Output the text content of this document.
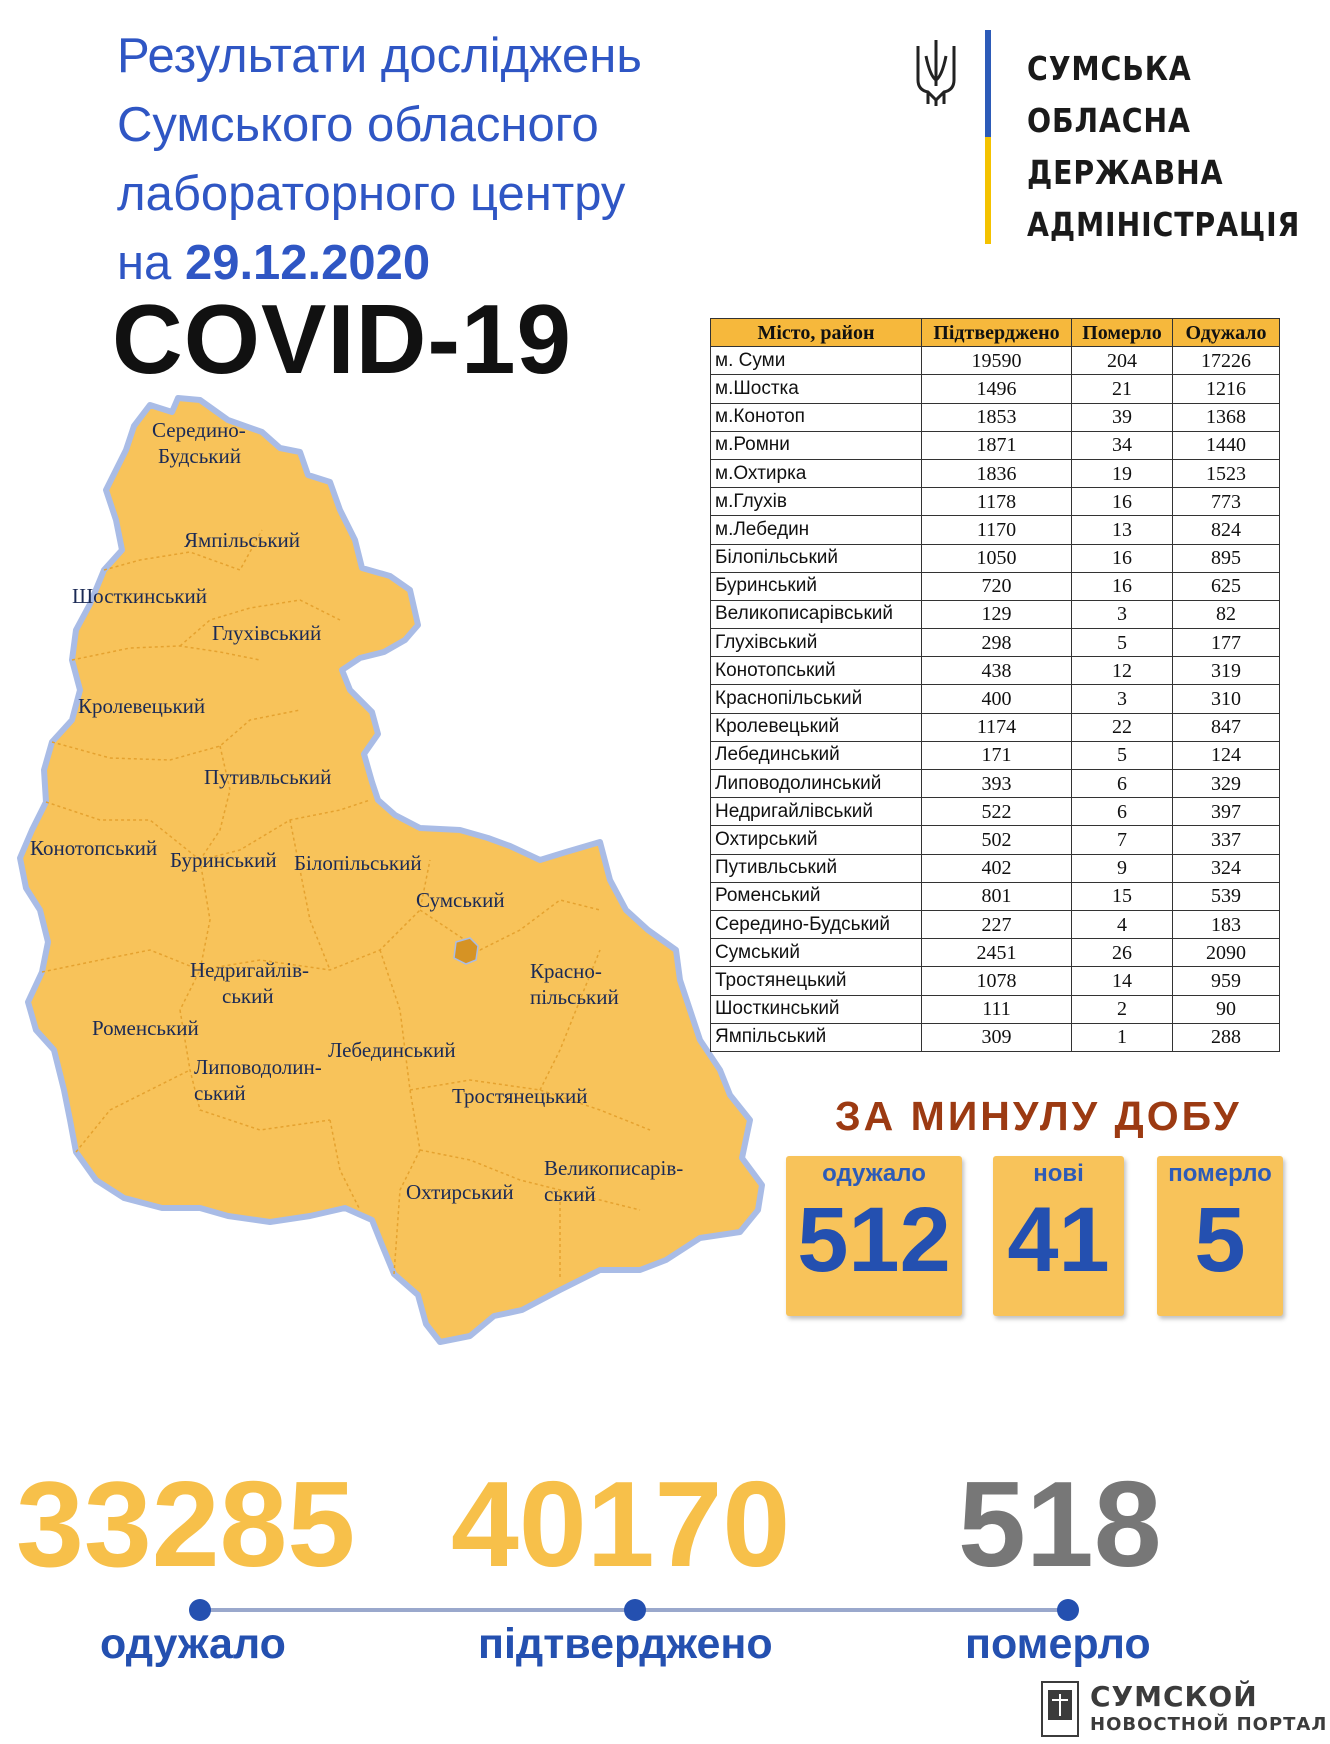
Результати досліджень
Сумського обласного
лабораторного центру
на 29.12.2020
COVID-19
СУМСЬКА
ОБЛАСНА
ДЕРЖАВНА
АДМІНІСТРАЦІЯ
Середино-
Будський
Ямпільський
Шосткинський
Глухівський
Кролевецький
Путивльський
Конотопський Буринський Білопільський
Сумський
Недригайлів-
ський
Красно-
пільський
Роменський
Липоводолин-
ський
Лебединський
Тростянецький
Великописарів-
ський
Охтирський
Місто, район	Підтверджено	Померло	Одужало
м. Суми	19590	204	17226
м.Шостка	1496	21	1216
м.Конотоп	1853	39	1368
м.Ромни	1871	34	1440
м.Охтирка	1836	19	1523
м.Глухів	1178	16	773
м.Лебедин	1170	13	824
Білопільський	1050	16	895
Буринський	720	16	625
Великописарівський	129	3	82
Глухівський	298	5	177
Конотопський	438	12	319
Краснопільський	400	3	310
Кролевецький	1174	22	847
Лебединський	171	5	124
Липоводолинський	393	6	329
Недригайлівський	522	6	397
Охтирський	502	7	337
Путивльський	402	9	324
Роменський	801	15	539
Середино-Будський	227	4	183
Сумський	2451	26	2090
Тростянецький	1078	14	959
Шосткинський	111	2	90
Ямпільський	309	1	288
ЗА МИНУЛУ ДОБУ
одужало
512
нові
41
померло
5
33285 40170 518
одужало	підтверджено	померло
СУМСКОЙ
НОВОСТНОЙ ПОРТАЛ
